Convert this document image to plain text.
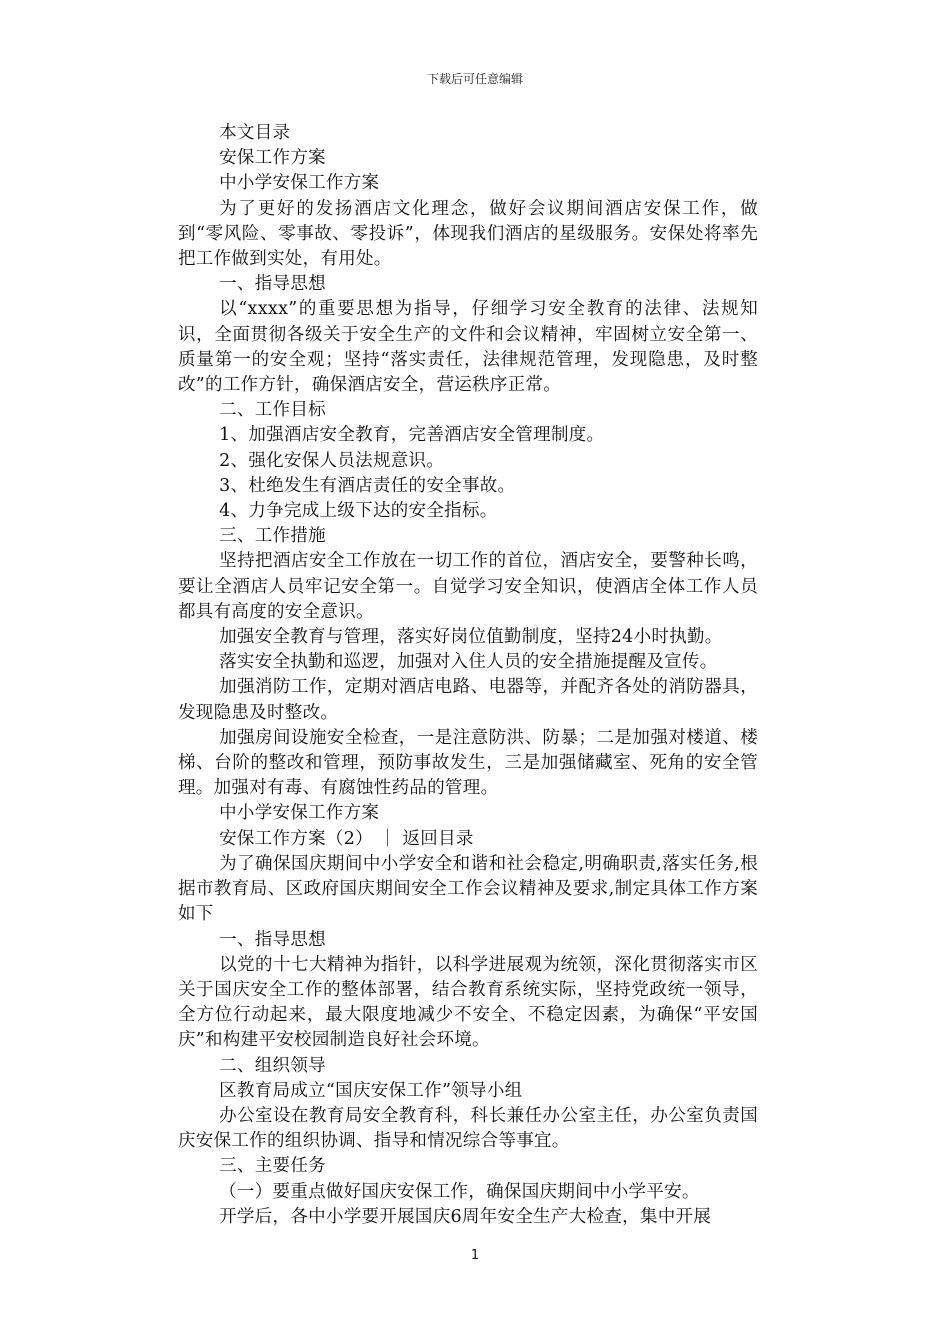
下载后可任意编辑

本文目录

安保工作方案

中小学安保工作方案

为了更好的发扬酒店文化理念，做好会议期间酒店安保工作，做到“零风险、零事故、零投诉”，体现我们酒店的星级服务。安保处将率先把工作做到实处，有用处。

一、指导思想

以“xxxx”的重要思想为指导，仔细学习安全教育的法律、法规知识，全面贯彻各级关于安全生产的文件和会议精神，牢固树立安全第一、质量第一的安全观；坚持“落实责任，法律规范管理，发现隐患，及时整改”的工作方针，确保酒店安全，营运秩序正常。

二、工作目标

1、加强酒店安全教育，完善酒店安全管理制度。

2、强化安保人员法规意识。

3、杜绝发生有酒店责任的安全事故。

4、力争完成上级下达的安全指标。

三、工作措施

坚持把酒店安全工作放在一切工作的首位，酒店安全，要警种长鸣，要让全酒店人员牢记安全第一。自觉学习安全知识，使酒店全体工作人员都具有高度的安全意识。

加强安全教育与管理，落实好岗位值勤制度，坚持24小时执勤。

落实安全执勤和巡逻，加强对入住人员的安全措施提醒及宣传。

加强消防工作，定期对酒店电路、电器等，并配齐各处的消防器具，发现隐患及时整改。

加强房间设施安全检查，一是注意防洪、防暴；二是加强对楼道、楼梯、台阶的整改和管理，预防事故发生，三是加强储藏室、死角的安全管理。加强对有毒、有腐蚀性药品的管理。

中小学安保工作方案

安保工作方案（2） ｜ 返回目录

为了确保国庆期间中小学安全和谐和社会稳定,明确职责,落实任务,根据市教育局、区政府国庆期间安全工作会议精神及要求,制定具体工作方案如下

一、指导思想

以党的十七大精神为指针，以科学进展观为统领，深化贯彻落实市区关于国庆安全工作的整体部署，结合教育系统实际，坚持党政统一领导，全方位行动起来，最大限度地减少不安全、不稳定因素，为确保“平安国庆”和构建平安校园制造良好社会环境。

二、组织领导

区教育局成立“国庆安保工作”领导小组

办公室设在教育局安全教育科，科长兼任办公室主任，办公室负责国庆安保工作的组织协调、指导和情况综合等事宜。

三、主要任务

（一）要重点做好国庆安保工作，确保国庆期间中小学平安。

开学后，各中小学要开展国庆6周年安全生产大检查，集中开展

1
